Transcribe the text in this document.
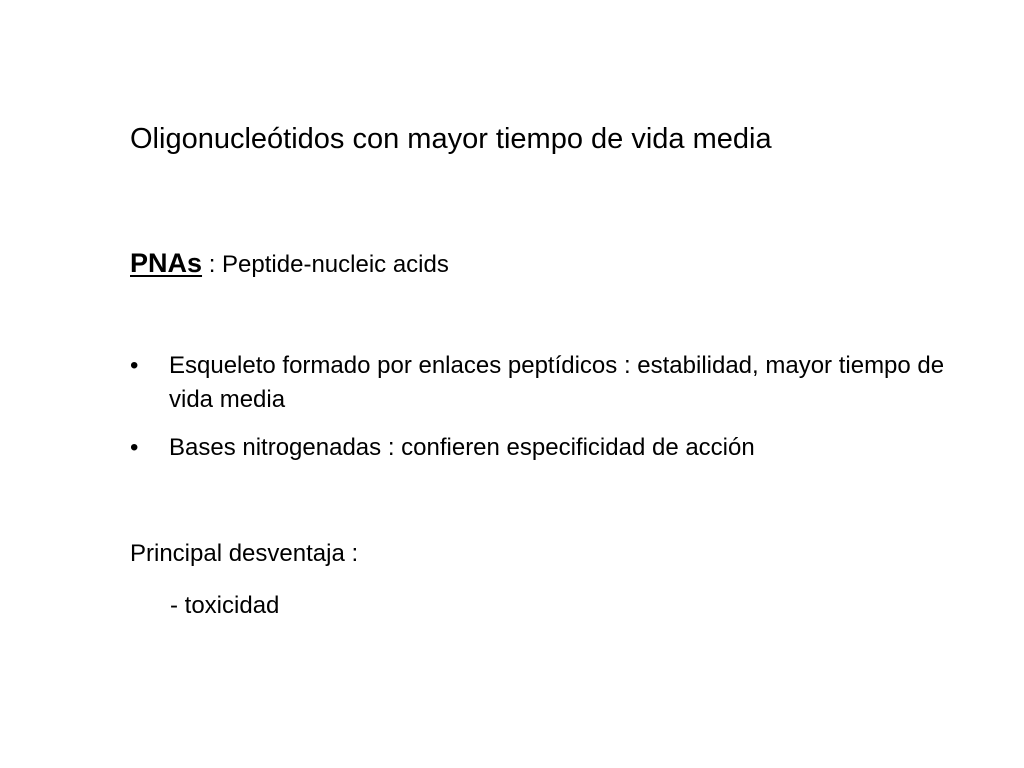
Oligonucleótidos con mayor tiempo de vida media
PNAs : Peptide-nucleic acids
• Esqueleto formado por enlaces peptídicos : estabilidad, mayor tiempo de vida media
• Bases nitrogenadas : confieren especificidad de acción
Principal desventaja :
- toxicidad
